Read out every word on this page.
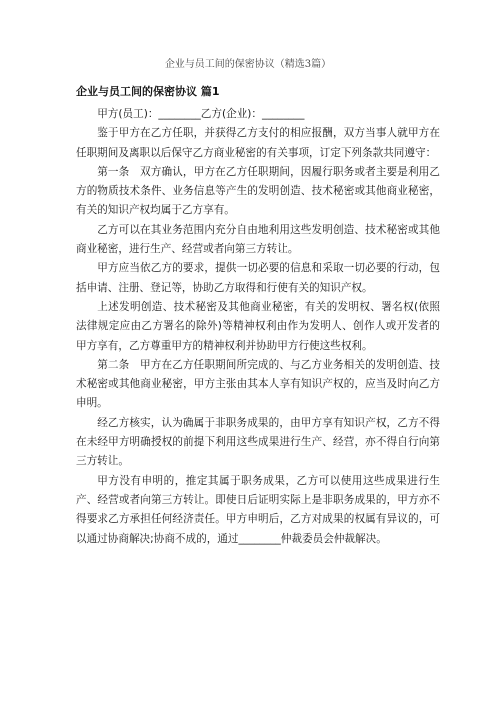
企业与员工间的保密协议（精选3篇）
企业与员工间的保密协议 篇1

甲方(员工)：________乙方(企业)：________

鉴于甲方在乙方任职，并获得乙方支付的相应报酬，双方当事人就甲方在任职期间及离职以后保守乙方商业秘密的有关事项，订定下列条款共同遵守：

第一条　双方确认，甲方在乙方任职期间，因履行职务或者主要是利用乙方的物质技术条件、业务信息等产生的发明创造、技术秘密或其他商业秘密，有关的知识产权均属于乙方享有。

乙方可以在其业务范围内充分自由地利用这些发明创造、技术秘密或其他商业秘密，进行生产、经营或者向第三方转让。

甲方应当依乙方的要求，提供一切必要的信息和采取一切必要的行动，包括申请、注册、登记等，协助乙方取得和行使有关的知识产权。

上述发明创造、技术秘密及其他商业秘密，有关的发明权、署名权(依照法律规定应由乙方署名的除外)等精神权利由作为发明人、创作人或开发者的甲方享有，乙方尊重甲方的精神权利并协助甲方行使这些权利。

第二条　甲方在乙方任职期间所完成的、与乙方业务相关的发明创造、技术秘密或其他商业秘密，甲方主张由其本人享有知识产权的，应当及时向乙方申明。

经乙方核实，认为确属于非职务成果的，由甲方享有知识产权，乙方不得在未经甲方明确授权的前提下利用这些成果进行生产、经营，亦不得自行向第三方转让。

甲方没有申明的，推定其属于职务成果，乙方可以使用这些成果进行生产、经营或者向第三方转让。即使日后证明实际上是非职务成果的，甲方亦不得要求乙方承担任何经济责任。甲方申明后，乙方对成果的权属有异议的，可以通过协商解决;协商不成的，通过________仲裁委员会仲裁解决。
